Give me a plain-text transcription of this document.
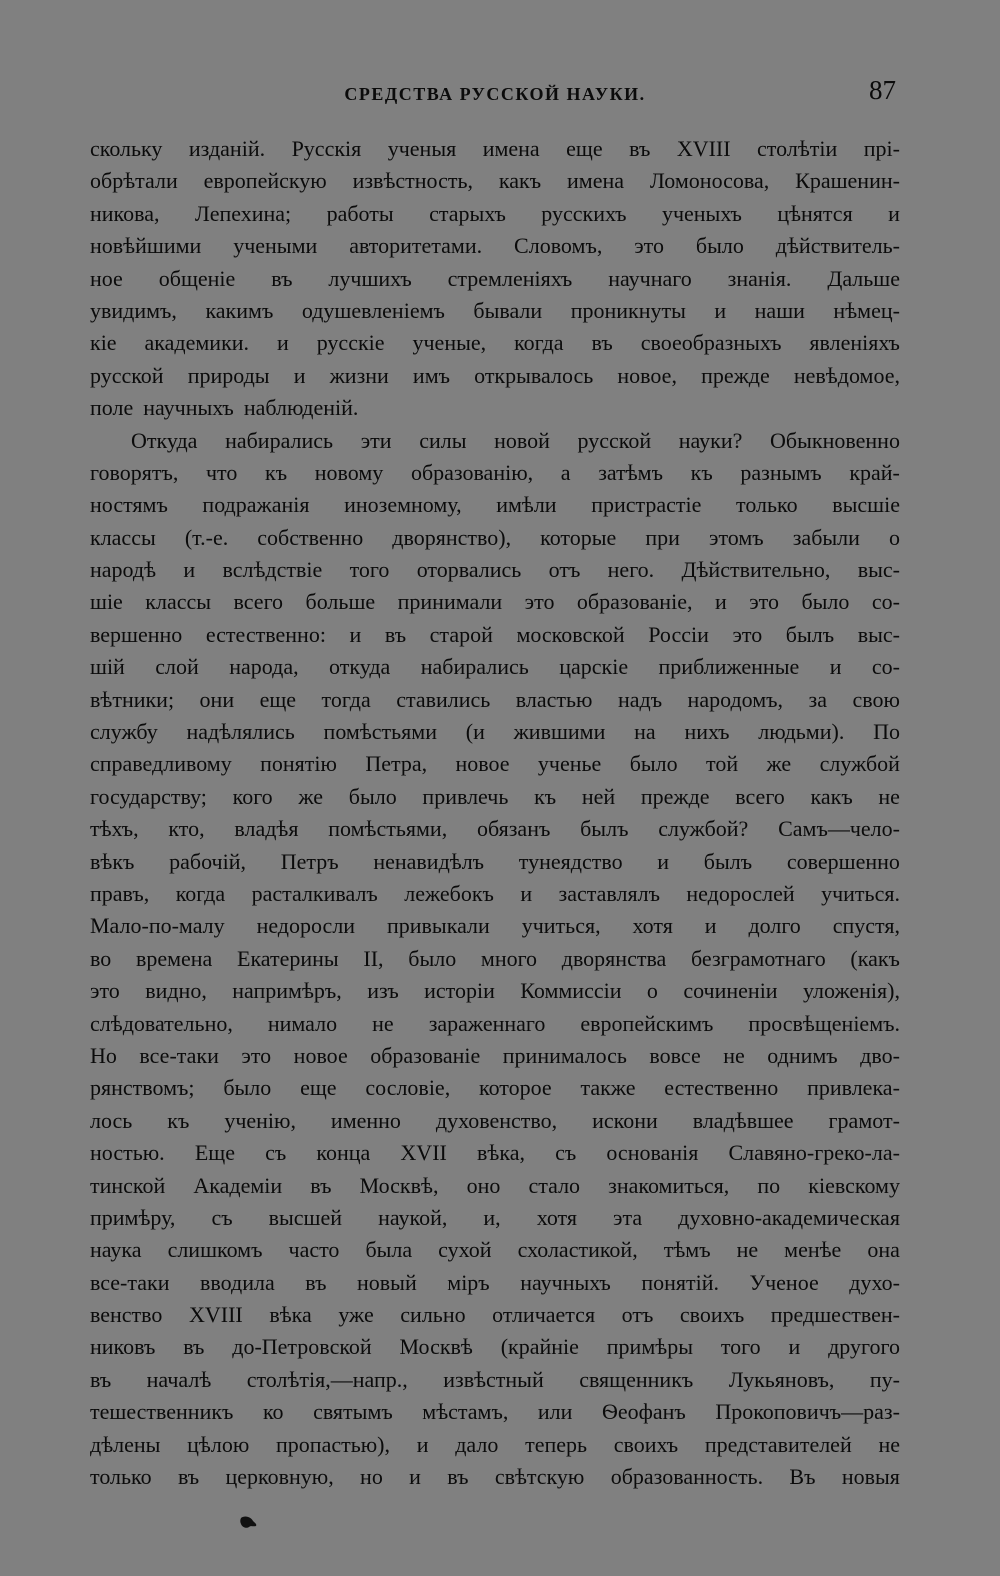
СРЕДСТВА РУССКОЙ НАУКИ.	87
скольку изданій. Русскія ученыя имена еще въ XVIII столѣтіи прі-
обрѣтали европейскую извѣстность, какъ имена Ломоносова, Крашенин-
никова, Лепехина; работы старыхъ русскихъ ученыхъ цѣнятся и
новѣйшими учеными авторитетами. Словомъ, это было дѣйствитель-
ное общеніе въ лучшихъ стремленіяхъ научнаго знанія. Дальше
увидимъ, какимъ одушевленіемъ бывали проникнуты и наши нѣмец-
кіе академики. и русскіе ученые, когда въ своеобразныхъ явленіяхъ
русской природы и жизни имъ открывалось новое, прежде невѣдомое,
поле научныхъ наблюденій.
Откуда набирались эти силы новой русской науки? Обыкновенно
говорятъ, что къ новому образованію, а затѣмъ къ разнымъ край-
ностямъ подражанія иноземному, имѣли пристрастіе только высшіе
классы (т.-е. собственно дворянство), которые при этомъ забыли о
народѣ и вслѣдствіе того оторвались отъ него. Дѣйствительно, выс-
шіе классы всего больше принимали это образованіе, и это было со-
вершенно естественно: и въ старой московской Россіи это былъ выс-
шій слой народа, откуда набирались царскіе приближенные и со-
вѣтники; они еще тогда ставились властью надъ народомъ, за свою
службу надѣлялись помѣстьями (и жившими на нихъ людьми). По
справедливому понятію Петра, новое ученье было той же службой
государству; кого же было привлечь къ ней прежде всего какъ не
тѣхъ, кто, владѣя помѣстьями, обязанъ былъ службой? Самъ—чело-
вѣкъ рабочій, Петръ ненавидѣлъ тунеядство и былъ совершенно
правъ, когда расталкивалъ лежебокъ и заставлялъ недорослей учиться.
Мало-по-малу недоросли привыкали учиться, хотя и долго спустя,
во времена Екатерины II, было много дворянства безграмотнаго (какъ
это видно, напримѣръ, изъ исторіи Коммиссіи о сочиненіи уложенія),
слѣдовательно, нимало не зараженнаго европейскимъ просвѣщеніемъ.
Но все-таки это новое образованіе принималось вовсе не однимъ дво-
рянствомъ; было еще сословіе, которое также естественно привлека-
лось къ ученію, именно духовенство, искони владѣвшее грамот-
ностью. Еще съ конца XVII вѣка, съ основанія Славяно-греко-ла-
тинской Академіи въ Москвѣ, оно стало знакомиться, по кіевскому
примѣру, съ высшей наукой, и, хотя эта духовно-академическая
наука слишкомъ часто была сухой схоластикой, тѣмъ не менѣе она
все-таки вводила въ новый міръ научныхъ понятій. Ученое духо-
венство XVIII вѣка уже сильно отличается отъ своихъ предшествен-
никовъ въ до-Петровской Москвѣ (крайніе примѣры того и другого
въ началѣ столѣтія,—напр., извѣстный священникъ Лукьяновъ, пу-
тешественникъ ко святымъ мѣстамъ, или Ѳеофанъ Прокоповичъ—раз-
дѣлены цѣлою пропастью), и дало теперь своихъ представителей не
только въ церковную, но и въ свѣтскую образованность. Въ новыя
